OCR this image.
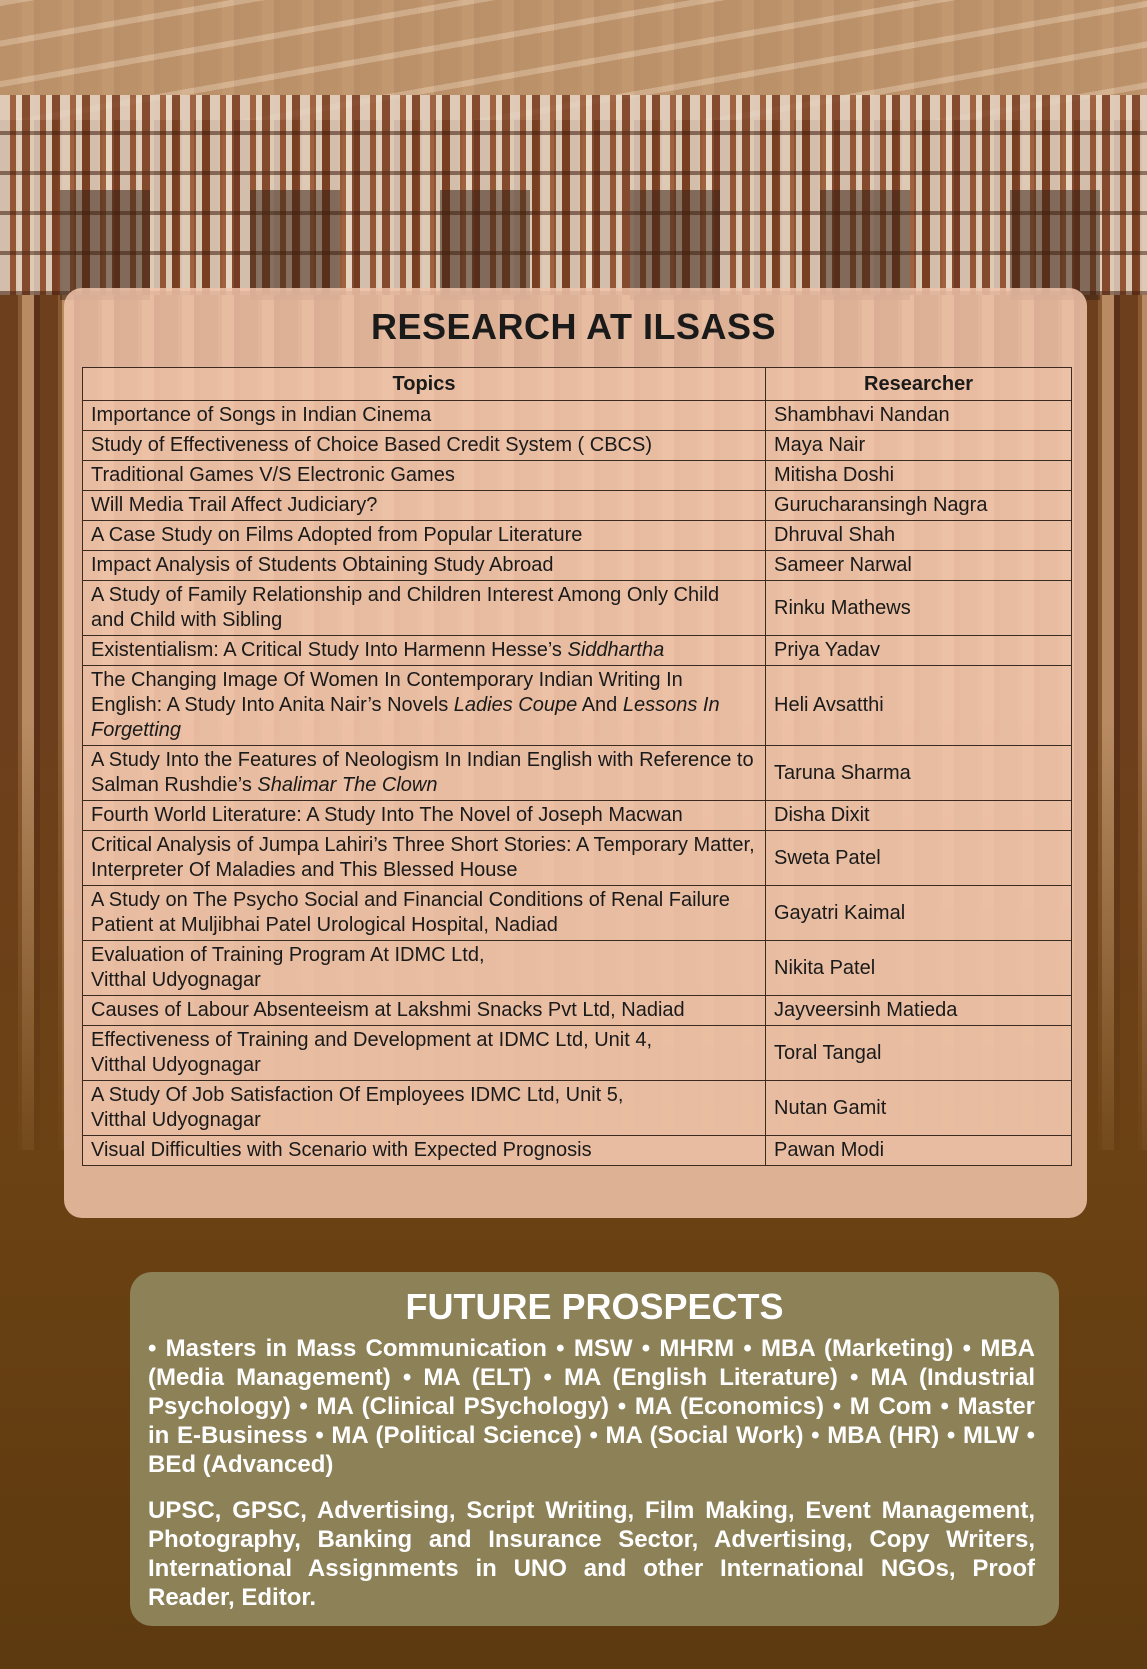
RESEARCH AT ILSASS
Topics	Researcher
Importance of Songs in Indian Cinema	Shambhavi Nandan
Study of Effectiveness of Choice Based Credit System ( CBCS)	Maya Nair
Traditional Games V/S Electronic Games	Mitisha Doshi
Will Media Trail Affect Judiciary?	Gurucharansingh Nagra
A Case Study on Films Adopted from Popular Literature	Dhruval Shah
Impact Analysis of Students Obtaining Study Abroad	Sameer Narwal
A Study of Family Relationship and Children Interest Among Only Child and Child with Sibling	Rinku Mathews
Existentialism: A Critical Study Into Harmenn Hesse’s Siddhartha	Priya Yadav
The Changing Image Of Women In Contemporary Indian Writing In English: A Study Into Anita Nair’s Novels Ladies Coupe And Lessons In Forgetting	Heli Avsatthi
A Study Into the Features of Neologism In Indian English with Reference to Salman Rushdie’s Shalimar The Clown	Taruna Sharma
Fourth World Literature: A Study Into The Novel of Joseph Macwan	Disha Dixit
Critical Analysis of Jumpa Lahiri’s Three Short Stories: A Temporary Matter, Interpreter Of Maladies and This Blessed House	Sweta Patel
A Study on The Psycho Social and Financial Conditions of Renal Failure Patient at Muljibhai Patel Urological Hospital, Nadiad	Gayatri Kaimal
Evaluation of Training Program At IDMC Ltd,
Vitthal Udyognagar	Nikita Patel
Causes of Labour Absenteeism at Lakshmi Snacks Pvt Ltd, Nadiad	Jayveersinh Matieda
Effectiveness of Training and Development at IDMC Ltd, Unit 4,
Vitthal Udyognagar	Toral Tangal
A Study Of Job Satisfaction Of Employees IDMC Ltd, Unit 5,
Vitthal Udyognagar	Nutan Gamit
Visual Difficulties with Scenario with Expected Prognosis	Pawan Modi
FUTURE PROSPECTS
• Masters in Mass Communication • MSW • MHRM • MBA (Marketing) • MBA (Media Management) • MA (ELT) • MA (English Literature) • MA (Industrial Psychology) • MA (Clinical PSychology) • MA (Economics) • M Com • Master in E-Business • MA (Political Science) • MA (Social Work) • MBA (HR) • MLW • BEd (Advanced)
UPSC, GPSC, Advertising, Script Writing, Film Making, Event Management, Photography, Banking and Insurance Sector, Advertising, Copy Writers, International Assignments in UNO and other International NGOs, Proof Reader, Editor.
